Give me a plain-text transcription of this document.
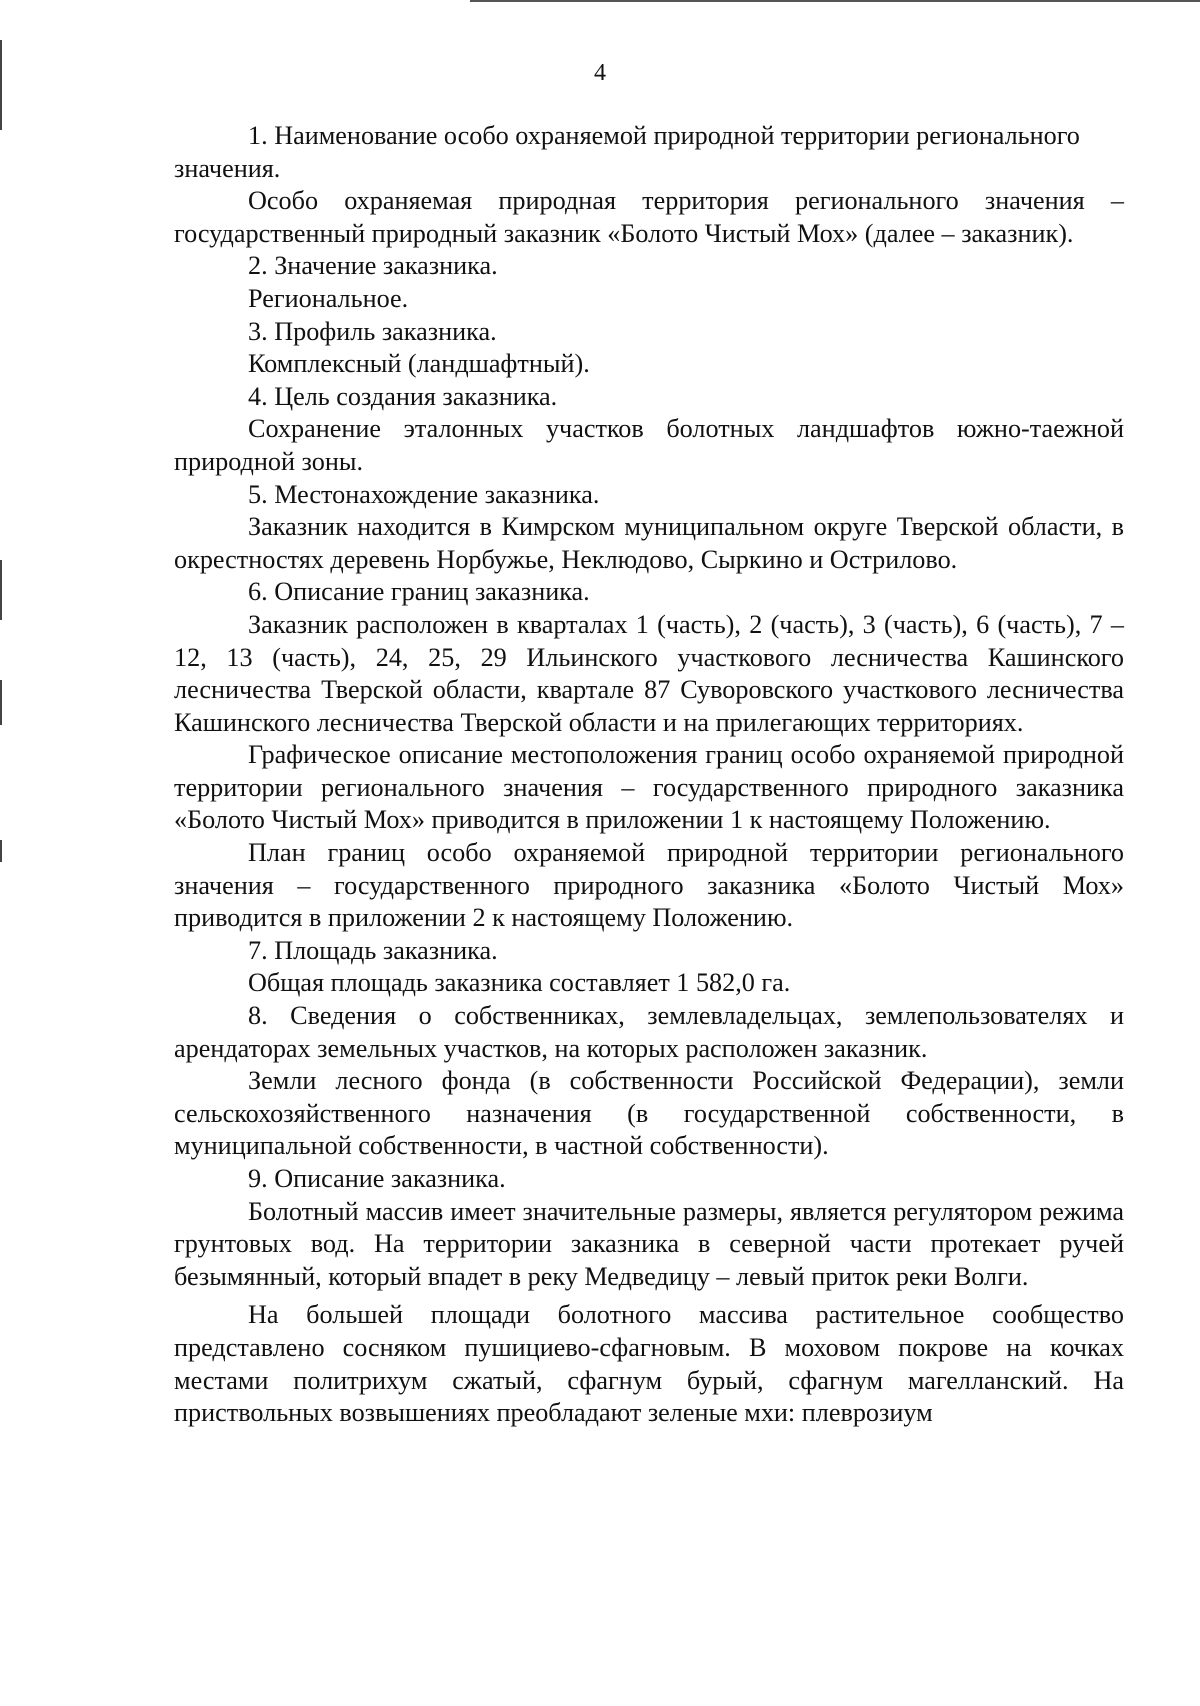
4

1. Наименование особо охраняемой природной территории регионального значения.

Особо охраняемая природная территория регионального значения – государственный природный заказник «Болото Чистый Мох» (далее – заказник).

2. Значение заказника.

Региональное.

3. Профиль заказника.

Комплексный (ландшафтный).

4. Цель создания заказника.

Сохранение эталонных участков болотных ландшафтов южно-таежной природной зоны.

5. Местонахождение заказника.

Заказник находится в Кимрском муниципальном округе Тверской области, в окрестностях деревень Норбужье, Неклюдово, Сыркино и Острилово.

6. Описание границ заказника.

Заказник расположен в кварталах 1 (часть), 2 (часть), 3 (часть), 6 (часть), 7 – 12, 13 (часть), 24, 25, 29 Ильинского участкового лесничества Кашинского лесничества Тверской области, квартале 87 Суворовского участкового лесничества Кашинского лесничества Тверской области и на прилегающих территориях.

Графическое описание местоположения границ особо охраняемой природной территории регионального значения – государственного природного заказника «Болото Чистый Мох» приводится в приложении 1 к настоящему Положению.

План границ особо охраняемой природной территории регионального значения – государственного природного заказника «Болото Чистый Мох» приводится в приложении 2 к настоящему Положению.

7. Площадь заказника.

Общая площадь заказника составляет 1 582,0 га.

8. Сведения о собственниках, землевладельцах, землепользователях и арендаторах земельных участков, на которых расположен заказник.

Земли лесного фонда (в собственности Российской Федерации), земли сельскохозяйственного назначения (в государственной собственности, в муниципальной собственности, в частной собственности).

9. Описание заказника.

Болотный массив имеет значительные размеры, является регулятором режима грунтовых вод. На территории заказника в северной части протекает ручей безымянный, который впадет в реку Медведицу – левый приток реки Волги.

На большей площади болотного массива растительное сообщество представлено сосняком пушициево-сфагновым. В моховом покрове на кочках местами политрихум сжатый, сфагнум бурый, сфагнум магелланский. На приствольных возвышениях преобладают зеленые мхи: плеврозиум
